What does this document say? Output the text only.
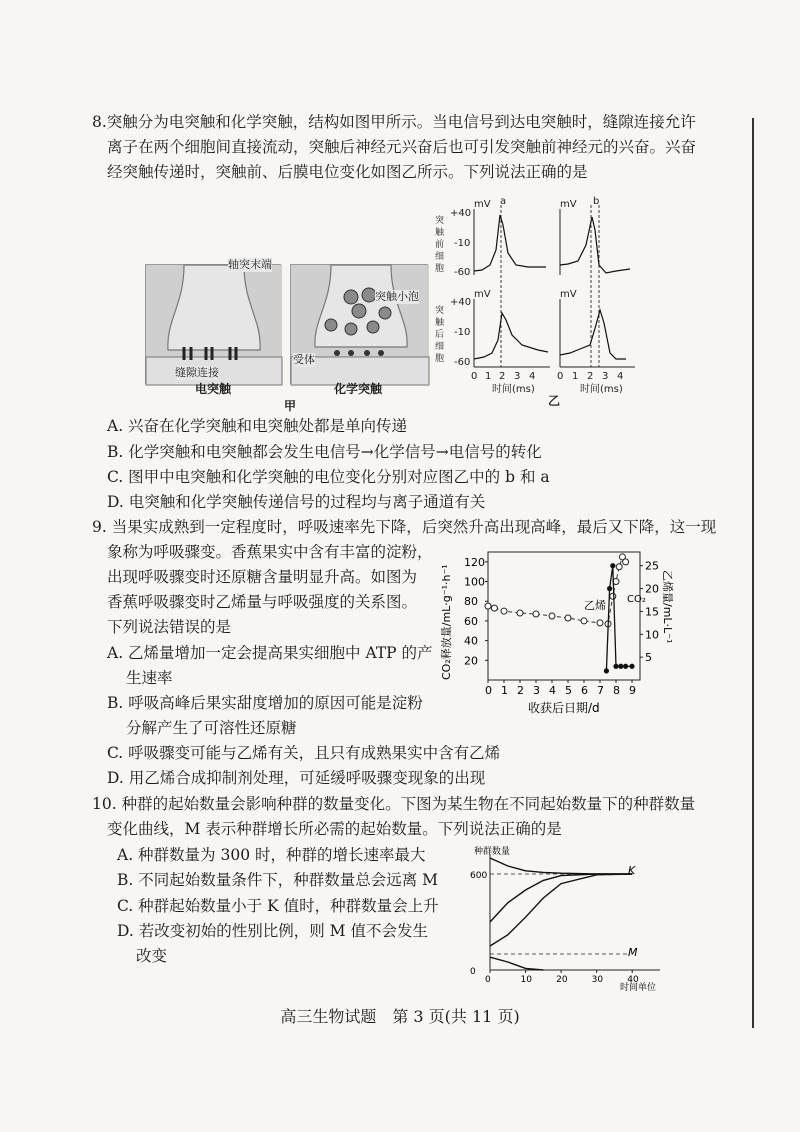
8.突触分为电突触和化学突触，结构如图甲所示。当电信号到达电突触时，缝隙连接允许
离子在两个细胞间直接流动，突触后神经元兴奋后也可引发突触前神经元的兴奋。兴奋
经突触传递时，突触前、后膜电位变化如图乙所示。下列说法正确的是
轴突末端
缝隙连接
电突触
突触小泡
受体
化学突触
甲
突
触
前
细
胞
突
触
后
细
胞
mV	mV
mV	mV
+40
-10
-60
+40
-10
-60
a	b
0 1 2 3 4 0 1 2 3 4
时间(ms)	时间(ms)
乙
A. 兴奋在化学突触和电突触处都是单向传递
B. 化学突触和电突触都会发生电信号→化学信号→电信号的转化
C. 图甲中电突触和化学突触的电位变化分别对应图乙中的 b 和 a
D. 电突触和化学突触传递信号的过程均与离子通道有关
9. 当果实成熟到一定程度时，呼吸速率先下降，后突然升高出现高峰，最后又下降，这一现
象称为呼吸骤变。香蕉果实中含有丰富的淀粉，
出现呼吸骤变时还原糖含量明显升高。如图为
香蕉呼吸骤变时乙烯量与呼吸强度的关系图。
下列说法错误的是
A. 乙烯量增加一定会提高果实细胞中 ATP 的产
生速率
B. 呼吸高峰后果实甜度增加的原因可能是淀粉
分解产生了可溶性还原糖
C. 呼吸骤变可能与乙烯有关，且只有成熟果实中含有乙烯
D. 用乙烯合成抑制剂处理，可延缓呼吸骤变现象的出现
CO₂释放量/mL·g⁻¹·h⁻¹	乙烯量/mL·L⁻¹
收获后日期/d
乙烯 CO₂
0 1 2 3 4 5 6 7 8 9
20
40
60
80
100
120
5
10
15
20
25
10. 种群的起始数量会影响种群的数量变化。下图为某生物在不同起始数量下的种群数量
变化曲线，M 表示种群增长所必需的起始数量。下列说法正确的是
A. 种群数量为 300 时，种群的增长速率最大
B. 不同起始数量条件下，种群数量总会远离 M
C. 种群起始数量小于 K 值时，种群数量会上升
D. 若改变初始的性别比例，则 M 值不会发生
改变
种群数量
时间单位
K
M
0	10	20	30	40
0
600
高三生物试题　第 3 页(共 11 页)
